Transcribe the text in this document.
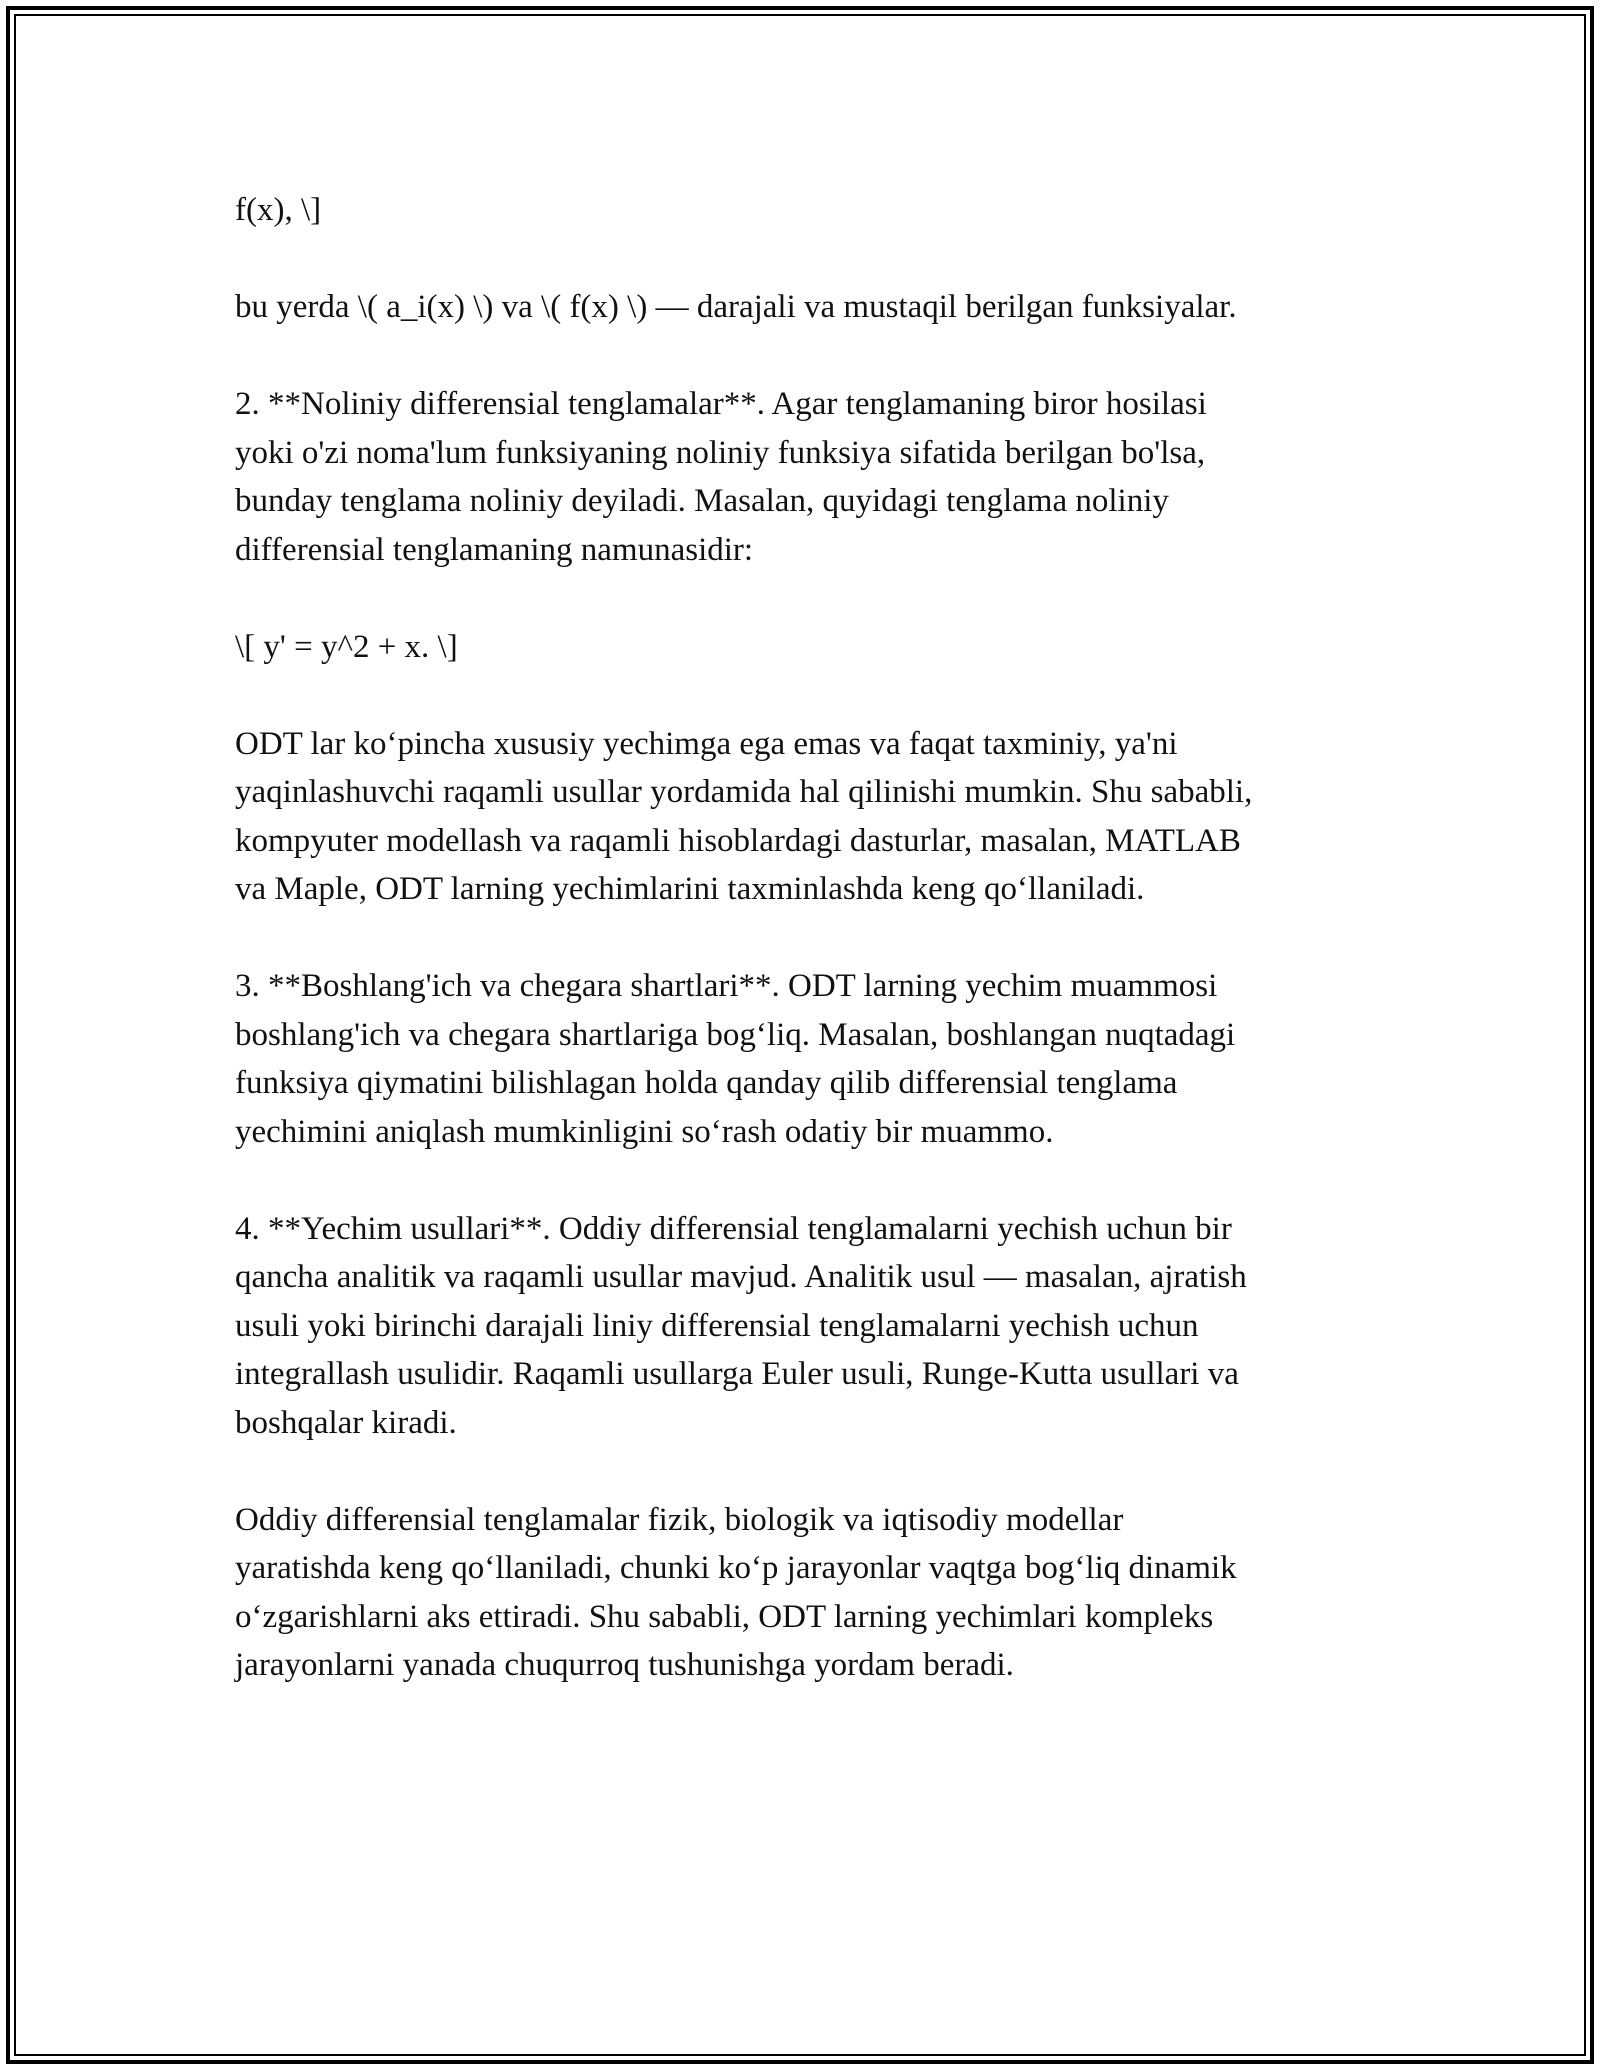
f(x), \]

bu yerda \( a_i(x) \) va \( f(x) \) — darajali va mustaqil berilgan funksiyalar.

2. **Noliniy differensial tenglamalar**. Agar tenglamaning biror hosilasi
yoki o'zi noma'lum funksiyaning noliniy funksiya sifatida berilgan bo'lsa,
bunday tenglama noliniy deyiladi. Masalan, quyidagi tenglama noliniy
differensial tenglamaning namunasidir:

\[ y' = y^2 + x. \]

ODT lar ko‘pincha xususiy yechimga ega emas va faqat taxminiy, ya'ni
yaqinlashuvchi raqamli usullar yordamida hal qilinishi mumkin. Shu sababli,
kompyuter modellash va raqamli hisoblardagi dasturlar, masalan, MATLAB
va Maple, ODT larning yechimlarini taxminlashda keng qo‘llaniladi.

3. **Boshlang'ich va chegara shartlari**. ODT larning yechim muammosi
boshlang'ich va chegara shartlariga bog‘liq. Masalan, boshlangan nuqtadagi
funksiya qiymatini bilishlagan holda qanday qilib differensial tenglama
yechimini aniqlash mumkinligini so‘rash odatiy bir muammo.

4. **Yechim usullari**. Oddiy differensial tenglamalarni yechish uchun bir
qancha analitik va raqamli usullar mavjud. Analitik usul — masalan, ajratish
usuli yoki birinchi darajali liniy differensial tenglamalarni yechish uchun
integrallash usulidir. Raqamli usullarga Euler usuli, Runge-Kutta usullari va
boshqalar kiradi.

Oddiy differensial tenglamalar fizik, biologik va iqtisodiy modellar
yaratishda keng qo‘llaniladi, chunki ko‘p jarayonlar vaqtga bog‘liq dinamik
o‘zgarishlarni aks ettiradi. Shu sababli, ODT larning yechimlari kompleks
jarayonlarni yanada chuqurroq tushunishga yordam beradi.
